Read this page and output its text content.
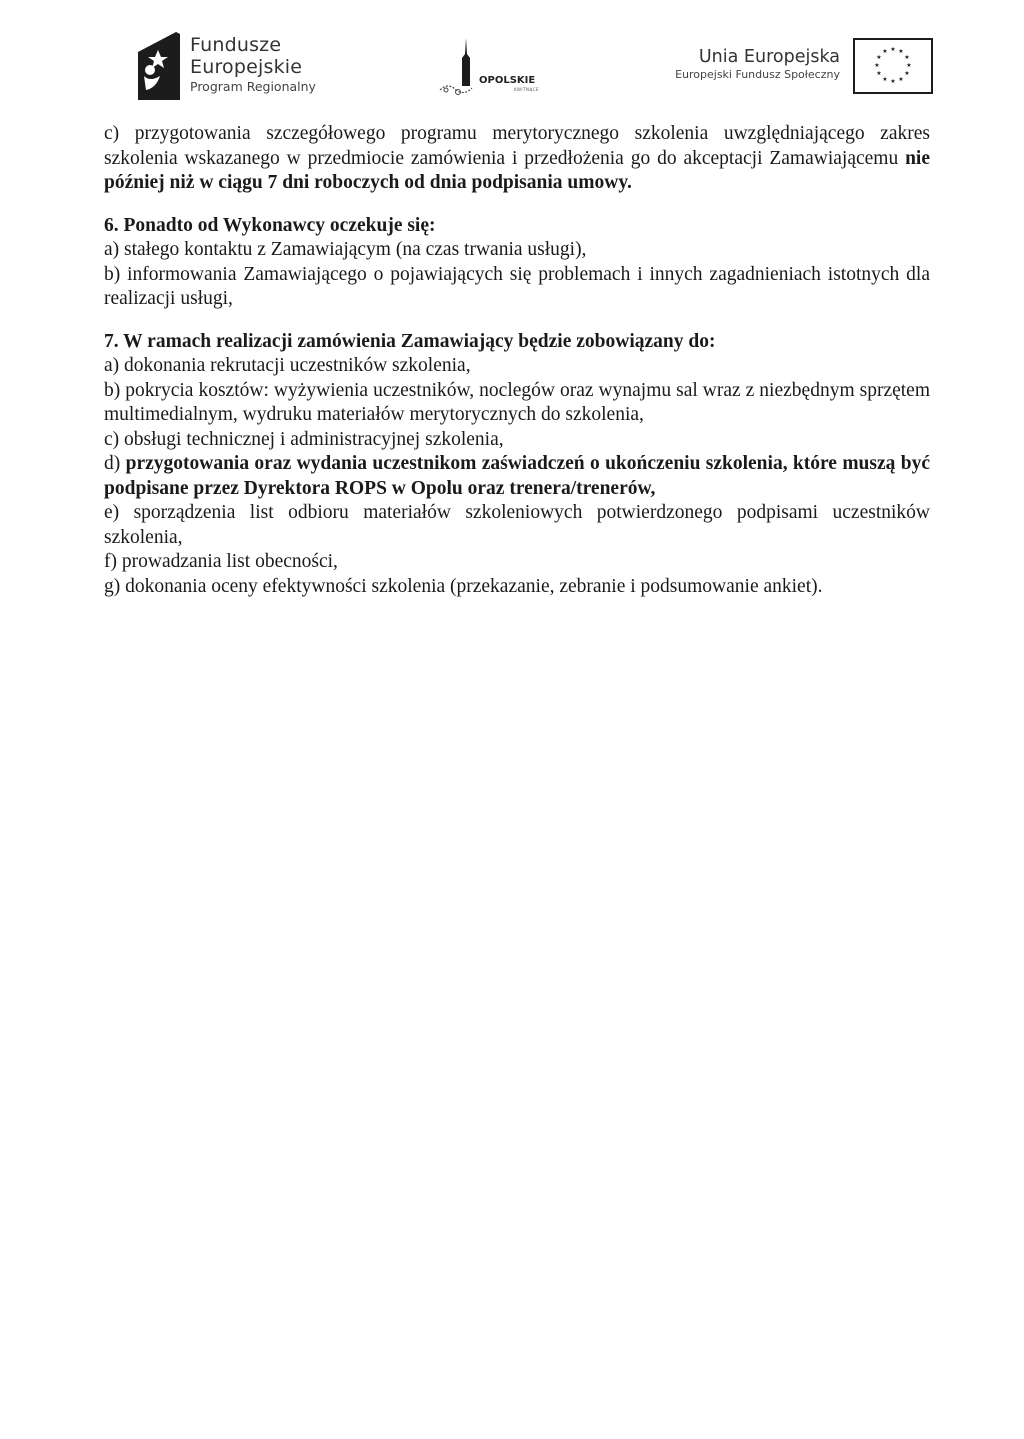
Fundusze
Europejskie
Program Regionalny	OPOLSKIE
KWITNĄCE
Unia Europejska
Europejski Fundusz Społeczny
★ ★
★
★
★
★
★
★
★
★
★
★

c) przygotowania szczegółowego programu merytorycznego szkolenia uwzględniającego zakres szkolenia wskazanego w przedmiocie zamówienia i przedłożenia go do akceptacji Zamawiającemu nie później niż w ciągu 7 dni roboczych od dnia podpisania umowy.

6. Ponadto od Wykonawcy oczekuje się:

a) stałego kontaktu z Zamawiającym (na czas trwania usługi),

b) informowania Zamawiającego o pojawiających się problemach i innych zagadnieniach istotnych dla realizacji usługi,

7. W ramach realizacji zamówienia Zamawiający będzie zobowiązany do:

a) dokonania rekrutacji uczestników szkolenia,

b) pokrycia kosztów: wyżywienia uczestników, noclegów oraz wynajmu sal wraz z niezbędnym sprzętem multimedialnym, wydruku materiałów merytorycznych do szkolenia,

c) obsługi technicznej i administracyjnej szkolenia,

d) przygotowania oraz wydania uczestnikom zaświadczeń o ukończeniu szkolenia, które muszą być podpisane przez Dyrektora ROPS w Opolu oraz trenera/trenerów,

e) sporządzenia list odbioru materiałów szkoleniowych potwierdzonego podpisami uczestników szkolenia,

f) prowadzania list obecności,

g) dokonania oceny efektywności szkolenia (przekazanie, zebranie i podsumowanie ankiet).
